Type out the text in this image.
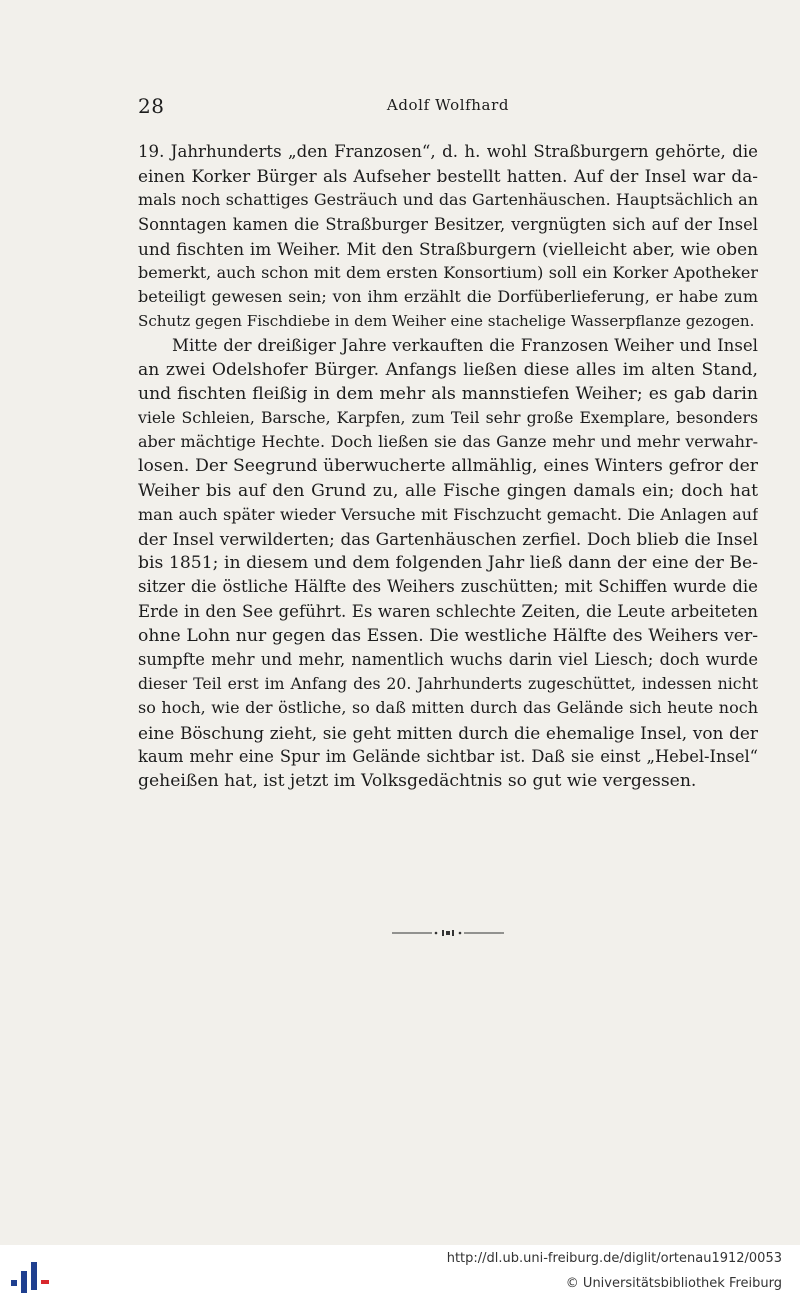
28	Adolf Wolfhard
19. Jahrhunderts „den Franzosen“, d. h. wohl Straßburgern gehörte, die
einen Korker Bürger als Aufseher bestellt hatten. Auf der Insel war da-
mals noch schattiges Gesträuch und das Gartenhäuschen. Hauptsächlich an
Sonntagen kamen die Straßburger Besitzer, vergnügten sich auf der Insel
und fischten im Weiher. Mit den Straßburgern (vielleicht aber, wie oben
bemerkt, auch schon mit dem ersten Konsortium) soll ein Korker Apotheker
beteiligt gewesen sein; von ihm erzählt die Dorfüberlieferung, er habe zum
Schutz gegen Fischdiebe in dem Weiher eine stachelige Wasserpflanze gezogen.
Mitte der dreißiger Jahre verkauften die Franzosen Weiher und Insel
an zwei Odelshofer Bürger. Anfangs ließen diese alles im alten Stand,
und fischten fleißig in dem mehr als mannstiefen Weiher; es gab darin
viele Schleien, Barsche, Karpfen, zum Teil sehr große Exemplare, besonders
aber mächtige Hechte. Doch ließen sie das Ganze mehr und mehr verwahr-
losen. Der Seegrund überwucherte allmählig, eines Winters gefror der
Weiher bis auf den Grund zu, alle Fische gingen damals ein; doch hat
man auch später wieder Versuche mit Fischzucht gemacht. Die Anlagen auf
der Insel verwilderten; das Gartenhäuschen zerfiel. Doch blieb die Insel
bis 1851; in diesem und dem folgenden Jahr ließ dann der eine der Be-
sitzer die östliche Hälfte des Weihers zuschütten; mit Schiffen wurde die
Erde in den See geführt. Es waren schlechte Zeiten, die Leute arbeiteten
ohne Lohn nur gegen das Essen. Die westliche Hälfte des Weihers ver-
sumpfte mehr und mehr, namentlich wuchs darin viel Liesch; doch wurde
dieser Teil erst im Anfang des 20. Jahrhunderts zugeschüttet, indessen nicht
so hoch, wie der östliche, so daß mitten durch das Gelände sich heute noch
eine Böschung zieht, sie geht mitten durch die ehemalige Insel, von der
kaum mehr eine Spur im Gelände sichtbar ist. Daß sie einst „Hebel-Insel“
geheißen hat, ist jetzt im Volksgedächtnis so gut wie vergessen.
http://dl.ub.uni-freiburg.de/diglit/ortenau1912/0053
© Universitätsbibliothek Freiburg
